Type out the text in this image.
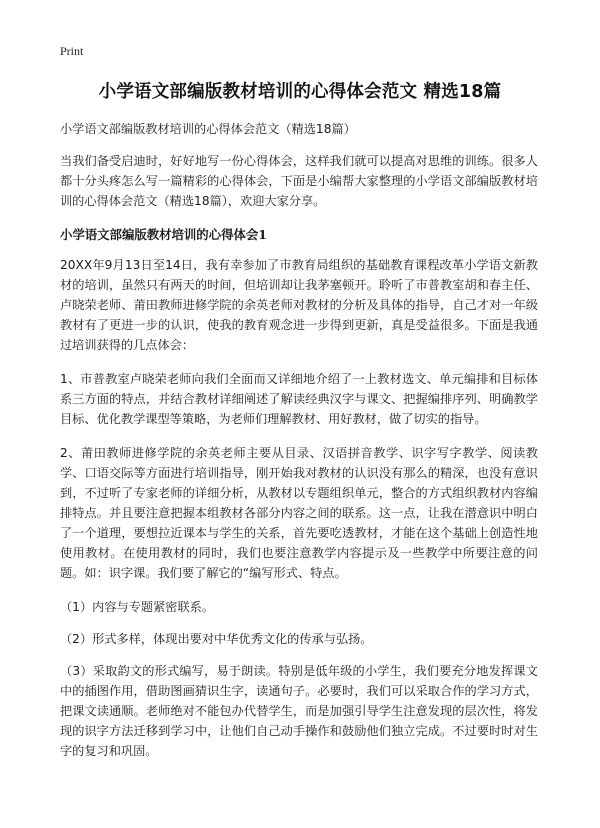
Print
小学语文部编版教材培训的心得体会范文 精选18篇

小学语文部编版教材培训的心得体会范文（精选18篇）

当我们备受启迪时，好好地写一份心得体会，这样我们就可以提高对思维的训练。很多人都十分头疼怎么写一篇精彩的心得体会，下面是小编帮大家整理的小学语文部编版教材培训的心得体会范文（精选18篇），欢迎大家分享。

小学语文部编版教材培训的心得体会1

20XX年9月13日至14日，我有幸参加了市教育局组织的基础教育课程改革小学语文新教材的培训，虽然只有两天的时间，但培训却让我茅塞顿开。聆听了市普教室胡和春主任、卢晓荣老师、莆田教师进修学院的余英老师对教材的分析及具体的指导，自己才对一年级教材有了更进一步的认识，使我的教育观念进一步得到更新，真是受益很多。下面是我通过培训获得的几点体会：

1、市普教室卢晓荣老师向我们全面而又详细地介绍了一上教材选文、单元编排和目标体系三方面的特点，并结合教材详细阐述了解读经典汉字与课文、把握编排序列、明确教学目标、优化教学课型等策略，为老师们理解教材、用好教材，做了切实的指导。

2、莆田教师进修学院的余英老师主要从目录、汉语拼音教学、识字写字教学、阅读教学、口语交际等方面进行培训指导，刚开始我对教材的认识没有那么的精深，也没有意识到，不过听了专家老师的详细分析，从教材以专题组织单元，整合的方式组织教材内容编排特点。并且要注意把握本组教材各部分内容之间的联系。这一点，让我在潜意识中明白了一个道理，要想拉近课本与学生的关系，首先要吃透教材，才能在这个基础上创造性地使用教材。在使用教材的同时，我们也要注意教学内容提示及一些教学中所要注意的问题。如：识字课。我们要了解它的“编写形式、特点。

（1）内容与专题紧密联系。

（2）形式多样，体现出要对中华优秀文化的传承与弘扬。

（3）采取韵文的形式编写，易于朗读。特别是低年级的小学生，我们要充分地发挥课文中的插图作用，借助图画猜识生字，读通句子。必要时，我们可以采取合作的学习方式，把课文读通顺。老师绝对不能包办代替学生，而是加强引导学生注意发现的层次性，将发现的识字方法迁移到学习中，让他们自己动手操作和鼓励他们独立完成。不过要时时对生字的复习和巩固。
